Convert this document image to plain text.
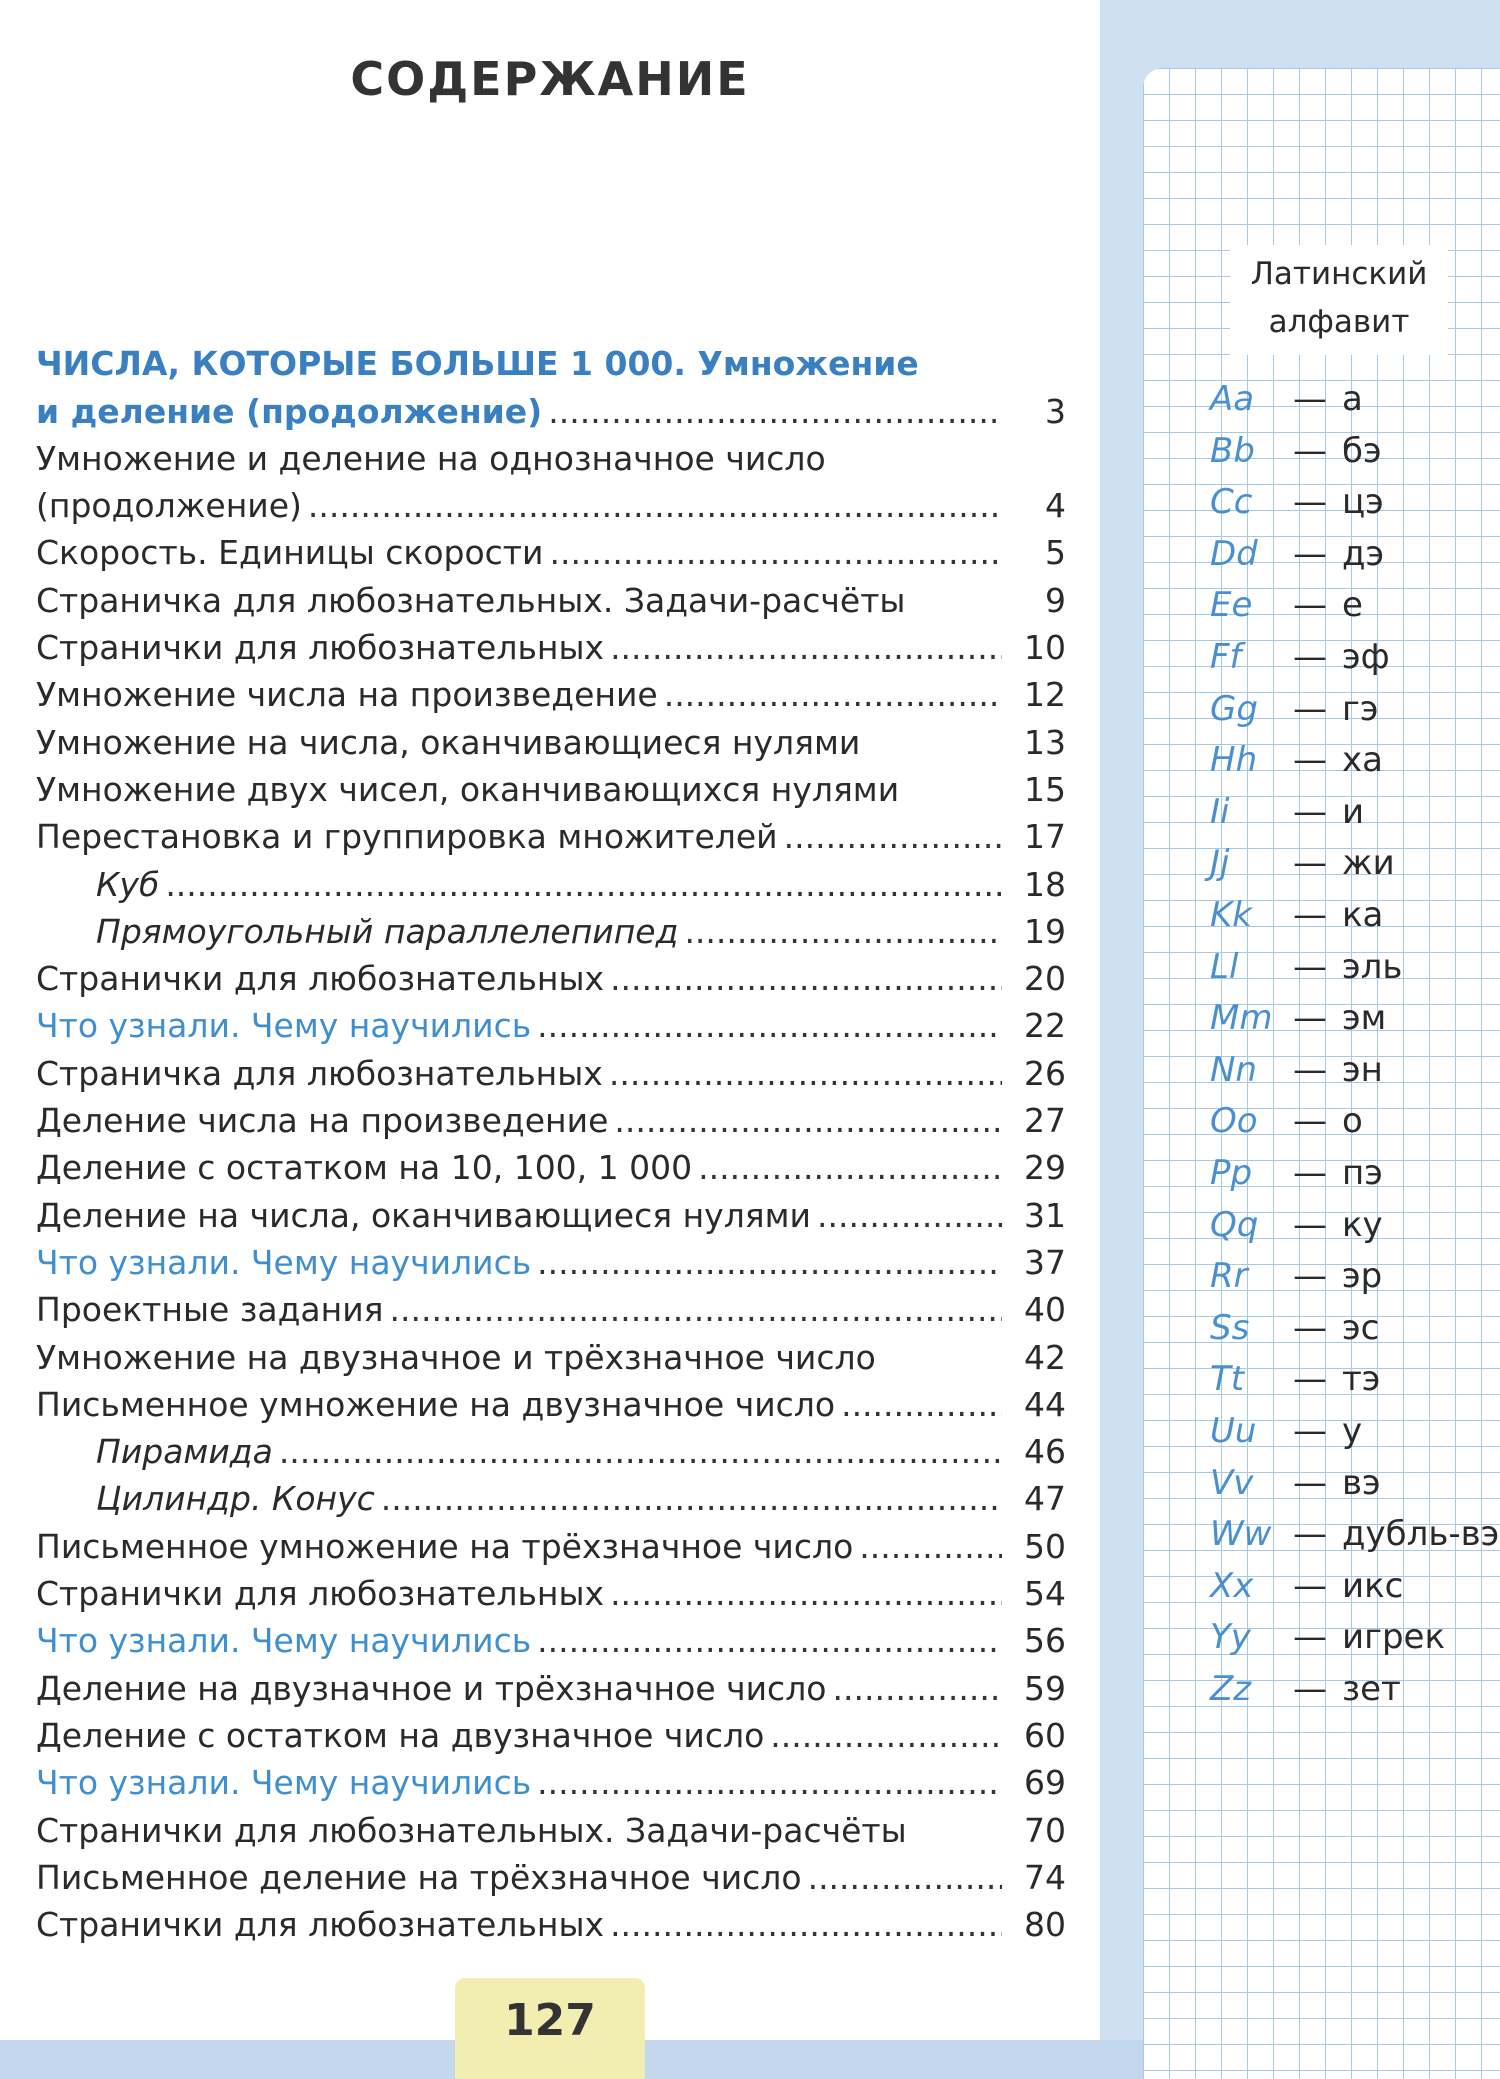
СОДЕРЖАНИЕ
ЧИСЛА, КОТОРЫЕ БОЛЬШЕ 1 000. Умножение
и деление (продолжение) .....	3
Умножение и деление на однозначное число
(продолжение) .....	4
Скорость. Единицы скорости .....	5
Страничка для любознательных. Задачи-расчёты	9
Странички для любознательных .....	10
Умножение числа на произведение .....	12
Умножение на числа, оканчивающиеся нулями	13
Умножение двух чисел, оканчивающихся нулями	15
Перестановка и группировка множителей .....	17
Куб .....	18
Прямоугольный параллелепипед .....	19
Странички для любознательных .....	20
Что узнали. Чему научились .....	22
Страничка для любознательных .....	26
Деление числа на произведение .....	27
Деление с остатком на 10, 100, 1 000 .....	29
Деление на числа, оканчивающиеся нулями .....	31
Что узнали. Чему научились .....	37
Проектные задания .....	40
Умножение на двузначное и трёхзначное число	42
Письменное умножение на двузначное число .....	44
Пирамида .....	46
Цилиндр. Конус .....	47
Письменное умножение на трёхзначное число .....	50
Странички для любознательных .....	54
Что узнали. Чему научились .....	56
Деление на двузначное и трёхзначное число .....	59
Деление с остатком на двузначное число .....	60
Что узнали. Чему научились .....	69
Странички для любознательных. Задачи-расчёты	70
Письменное деление на трёхзначное число .....	74
Странички для любознательных .....	80
127
Латинский
алфавит
Aa	— а
Bb	— бэ
Cc	— цэ
Dd	— дэ
Ee	— е
Ff	— эф
Gg	— гэ
Hh	— ха
Ii	— и
Jj	— жи
Kk	— ка
Ll	— эль
Mm — эм
Nn	— эн
Oo	— о
Pp	— пэ
Qq	— ку
Rr	— эр
Ss	— эс
Tt	— тэ
Uu	— у
Vv	— вэ
Ww — дубль-вэ
Xx	— икс
Yy	— игрек
Zz	— зет
